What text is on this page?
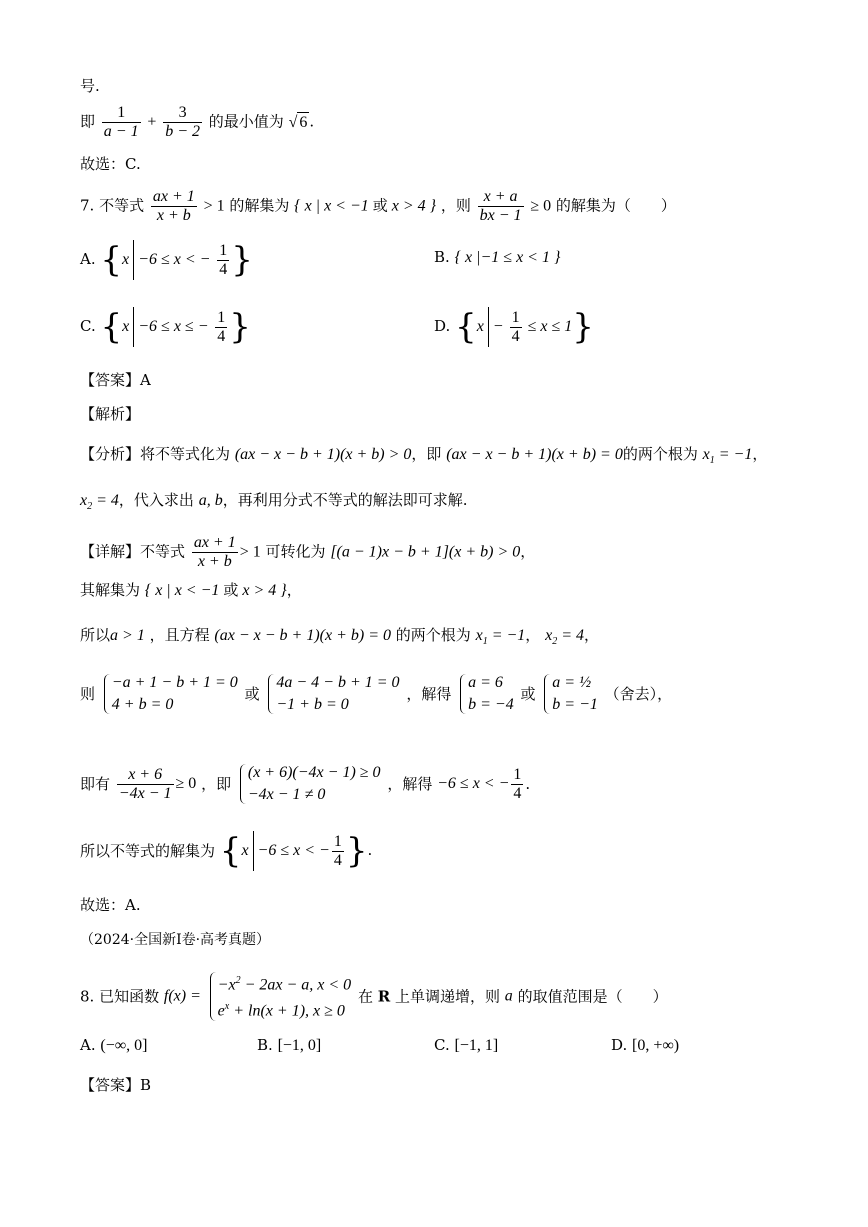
号.
即 $\frac{1}{a - 1} + \frac{3}{b - 2}$ 的最小值为 √ 6 .
故选：C.
7. 不等式 $\frac{ax + 1}{x + b} > 1$ 的解集为 { x | x < −1 或 x > 4 } ，则 $\frac{x + a}{bx - 1} \ge 0$ 的解集为（　　）
A. {x −6 ≤ x < − $\frac{1}{4}$ }	B. { x |−1 ≤ x < 1 }
C. {x −6 ≤ x ≤ − $\frac{1}{4}$ }	D. $\{x - \frac{1}{4} \le x \le 1\}$
【答案】A
【解析】
【分析】将不等式化为 (ax − x − b + 1)(x + b) > 0，即 (ax − x − b + 1)(x + b) = 0的两个根为 $x_1 = -1$，
$x_2 = 4$，代入求出 a, b，再利用分式不等式的解法即可求解.
【详解】不等式 $\frac{ax + 1}{x + b} > 1$ 可转化为 [(a − 1)x − b + 1](x + b) > 0，
其解集为 { x | x < −1 或 x > 4 }，
所以a > 1 ，且方程 (ax − x − b + 1)(x + b) = 0 的两个根为 $x_1 = -1$， $x_2 = 4$，
则
−a + 1 − b + 1 = 0
4 + b = 0
或
4a − 4 − b + 1 = 0
−1 + b = 0
，解得
a = 6
b = −4
或
a = ½
b = −1
（舍去），
即有 $\frac{x + 6}{-4x - 1} \ge 0$ ，即
(x + 6)(−4x − 1) ≥ 0
−4x − 1 ≠ 0
，解得 −6 ≤ x < − $\frac{1}{4}$ .
所以不等式的解集为 {x −6 ≤ x < − $\frac{1}{4}$ }.
故选：A.
（2024·全国新Ⅰ卷·高考真题）
8. 已知函数 f(x) =
$-x^2 - 2ax - a$, x < 0
$e^x + \ln(x + 1)$, x ≥ 0
在 R 上单调递增，则 a 的取值范围是（　　）
A. (−∞, 0]	B. [−1, 0]	C. [−1, 1]	D. [0, +∞)
【答案】B
